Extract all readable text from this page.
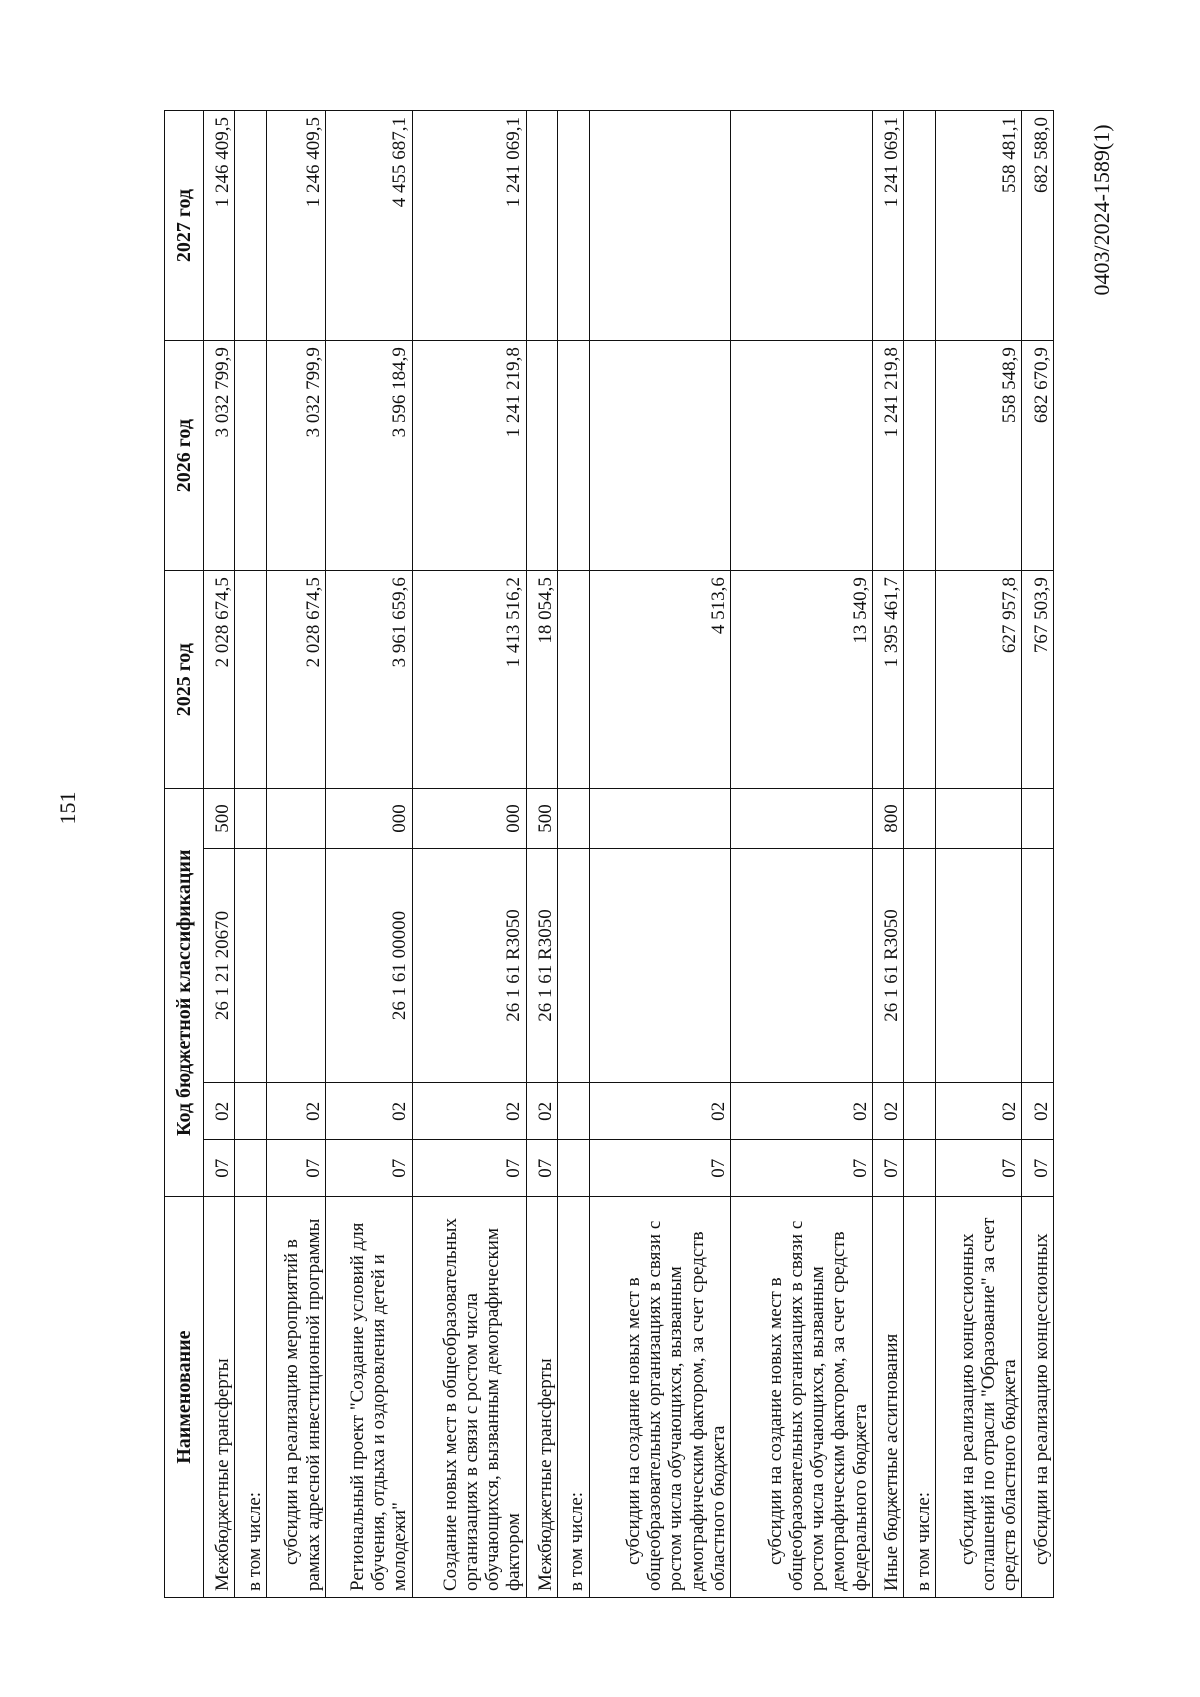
151
0403/2024-1589(1)
Наименование	Код бюджетной классификации				2025 год	2026 год	2027 год
Межбюджетные трансферты	07	02	26 1 21 20670	500	2 028 674,5	3 032 799,9	1 246 409,5
в том числе:							
субсидии на реализацию мероприятий в рамках адресной инвестиционной программы	07	02			2 028 674,5	3 032 799,9	1 246 409,5
Региональный проект "Создание условий для обучения, отдыха и оздоровления детей и молодежи"	07	02	26 1 61 00000	000	3 961 659,6	3 596 184,9	4 455 687,1
Создание новых мест в общеобразовательных организациях в связи с ростом числа обучающихся, вызванным демографическим фактором	07	02	26 1 61 R3050	000	1 413 516,2	1 241 219,8	1 241 069,1
Межбюджетные трансферты	07	02	26 1 61 R3050	500	18 054,5		
в том числе:							
субсидии на создание новых мест в общеобразовательных организациях в связи с ростом числа обучающихся, вызванным демографическим фактором, за счет средств областного бюджета	07	02			4 513,6		
субсидии на создание новых мест в общеобразовательных организациях в связи с ростом числа обучающихся, вызванным демографическим фактором, за счет средств федерального бюджета	07	02			13 540,9		
Иные бюджетные ассигнования	07	02	26 1 61 R3050	800	1 395 461,7	1 241 219,8	1 241 069,1
в том числе:							
субсидии на реализацию концессионных соглашений по отрасли "Образование" за счет средств областного бюджета	07	02			627 957,8	558 548,9	558 481,1
субсидии на реализацию концессионных	07	02			767 503,9	682 670,9	682 588,0
